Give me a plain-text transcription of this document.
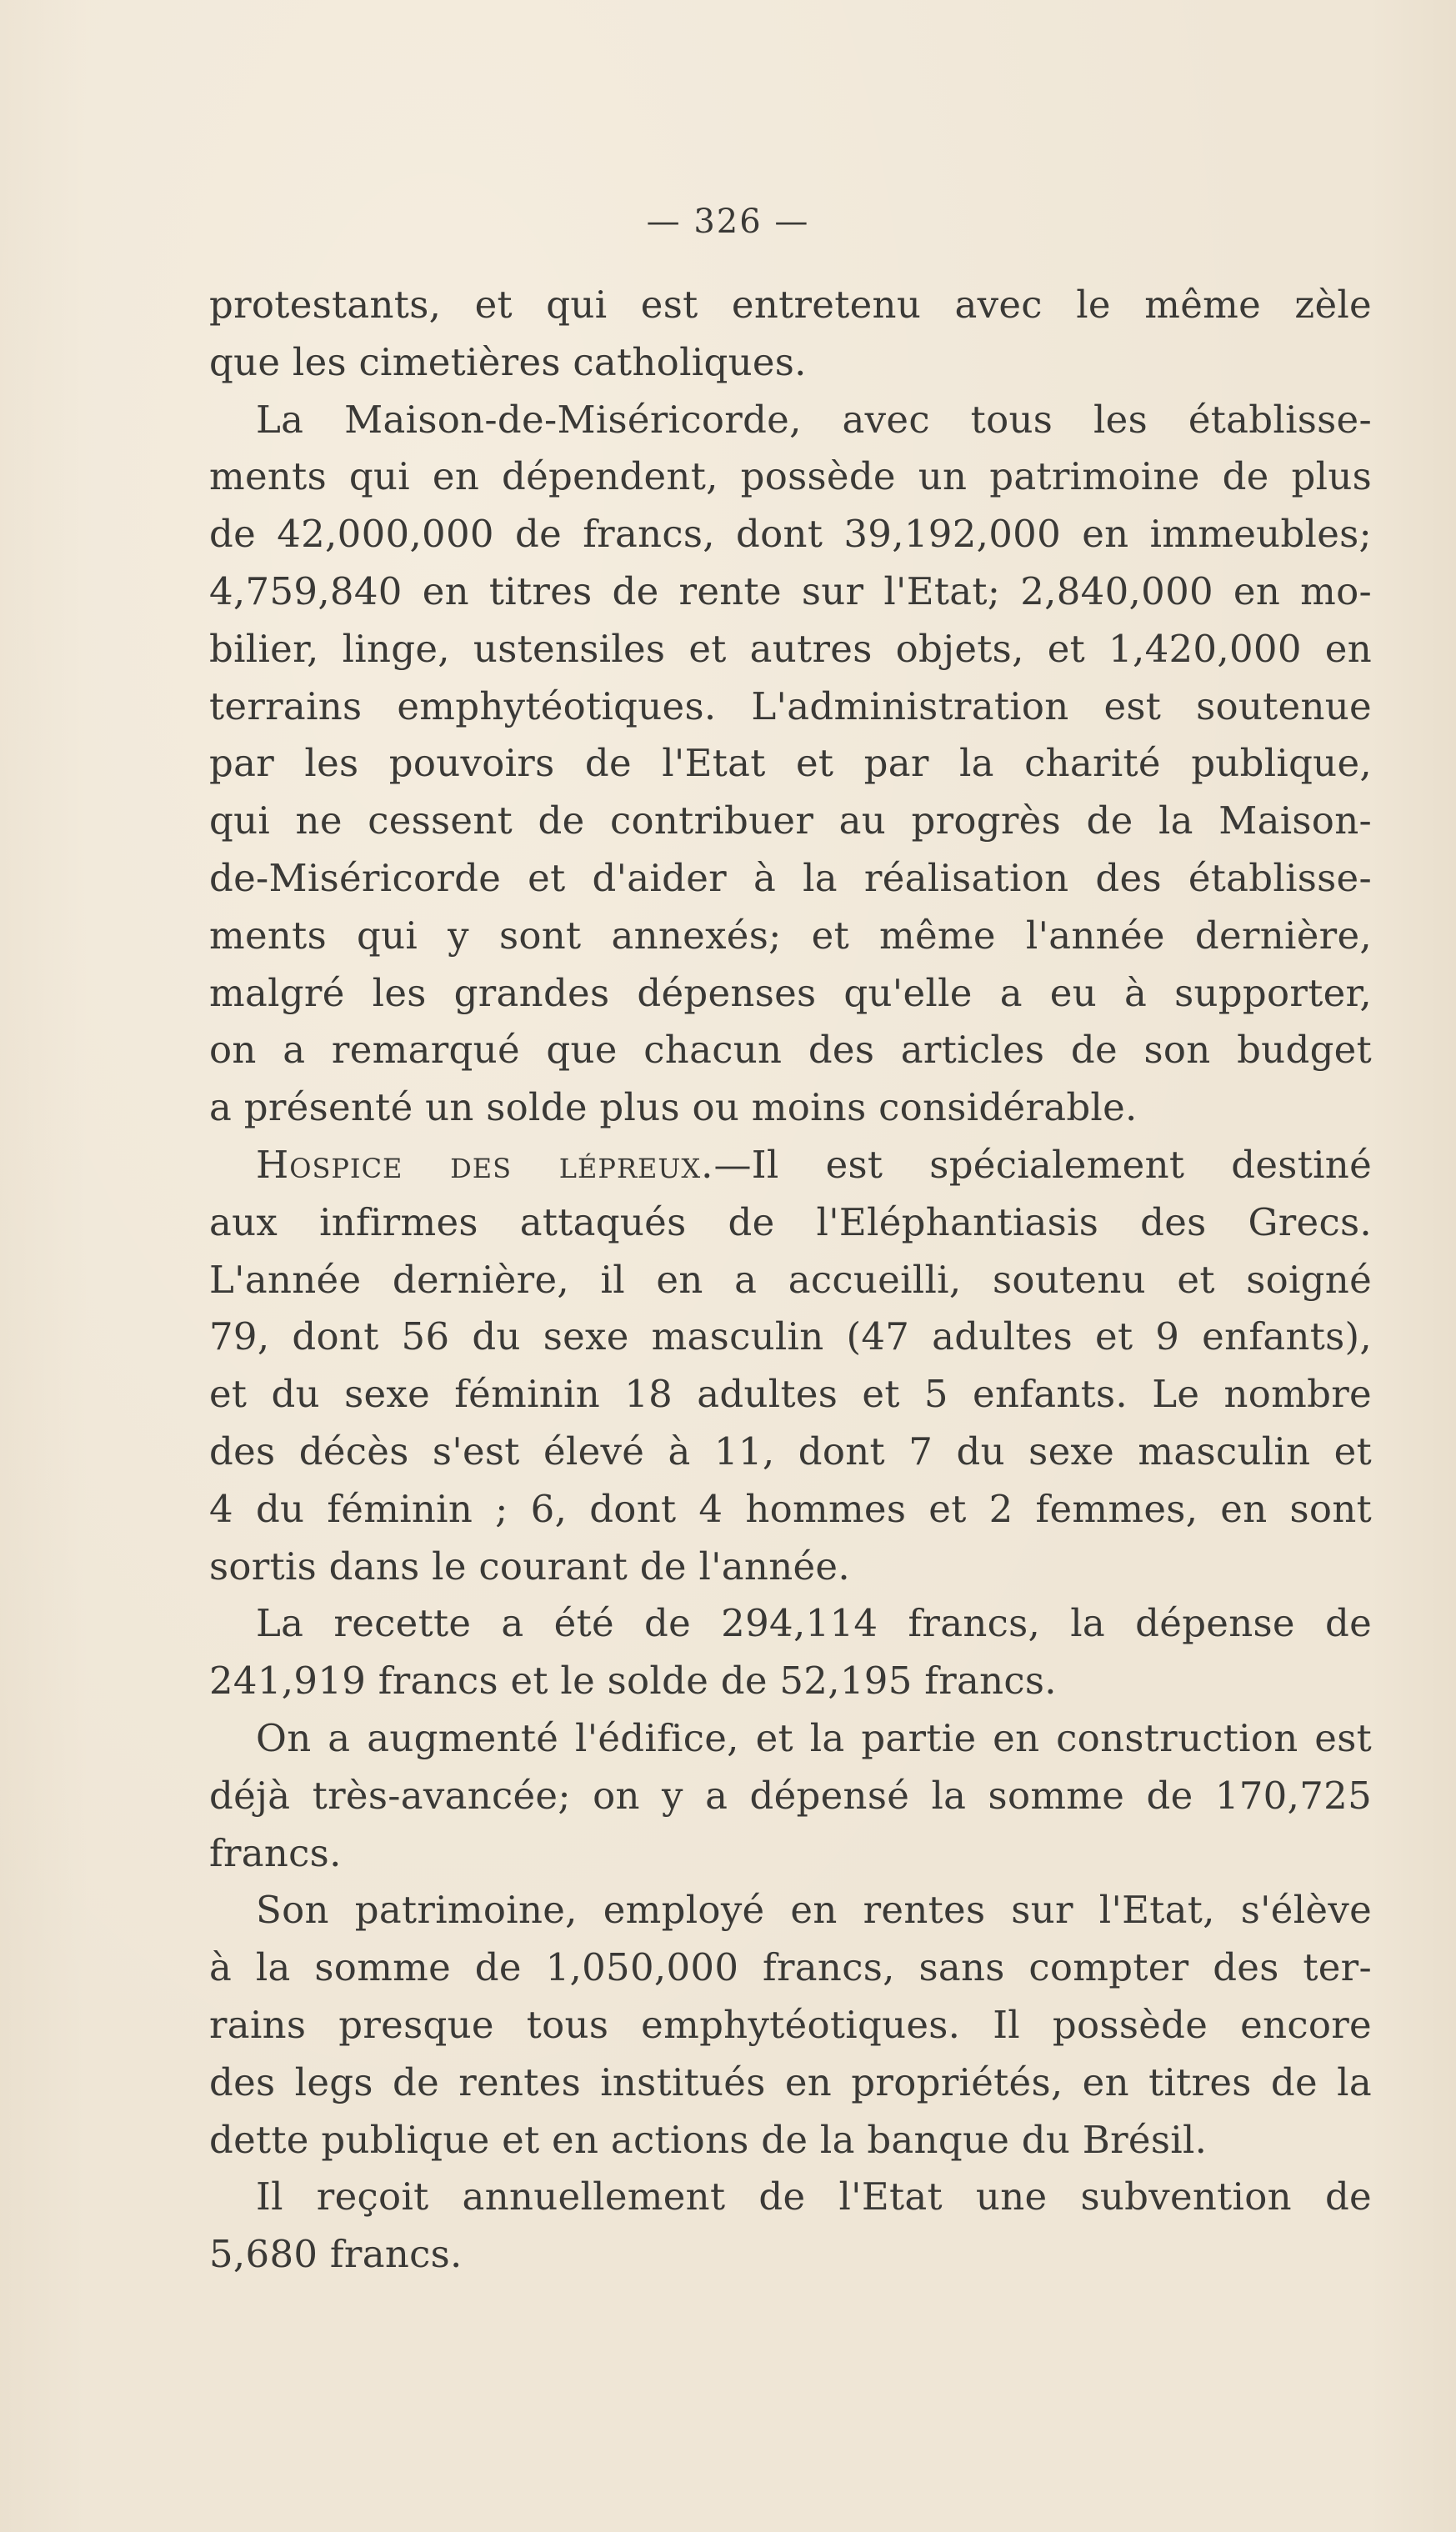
— 326 —
protestants, et qui est entretenu avec le même zèle
que les cimetières catholiques.
La Maison-de-Miséricorde, avec tous les établisse-
ments qui en dépendent, possède un patrimoine de plus
de 42,000,000 de francs, dont 39,192,000 en immeubles;
4,759,840 en titres de rente sur l'Etat; 2,840,000 en mo-
bilier, linge, ustensiles et autres objets, et 1,420,000 en
terrains emphytéotiques. L'administration est soutenue
par les pouvoirs de l'Etat et par la charité publique,
qui ne cessent de contribuer au progrès de la Maison-
de-Miséricorde et d'aider à la réalisation des établisse-
ments qui y sont annexés; et même l'année dernière,
malgré les grandes dépenses qu'elle a eu à supporter,
on a remarqué que chacun des articles de son budget
a présenté un solde plus ou moins considérable.
Hospice des lépreux.—Il est spécialement destiné
aux infirmes attaqués de l'Eléphantiasis des Grecs.
L'année dernière, il en a accueilli, soutenu et soigné
79, dont 56 du sexe masculin (47 adultes et 9 enfants),
et du sexe féminin 18 adultes et 5 enfants. Le nombre
des décès s'est élevé à 11, dont 7 du sexe masculin et
4 du féminin ; 6, dont 4 hommes et 2 femmes, en sont
sortis dans le courant de l'année.
La recette a été de 294,114 francs, la dépense de
241,919 francs et le solde de 52,195 francs.
On a augmenté l'édifice, et la partie en construction est
déjà très-avancée; on y a dépensé la somme de 170,725
francs.
Son patrimoine, employé en rentes sur l'Etat, s'élève
à la somme de 1,050,000 francs, sans compter des ter-
rains presque tous emphytéotiques. Il possède encore
des legs de rentes institués en propriétés, en titres de la
dette publique et en actions de la banque du Brésil.
Il reçoit annuellement de l'Etat une subvention de
5,680 francs.
